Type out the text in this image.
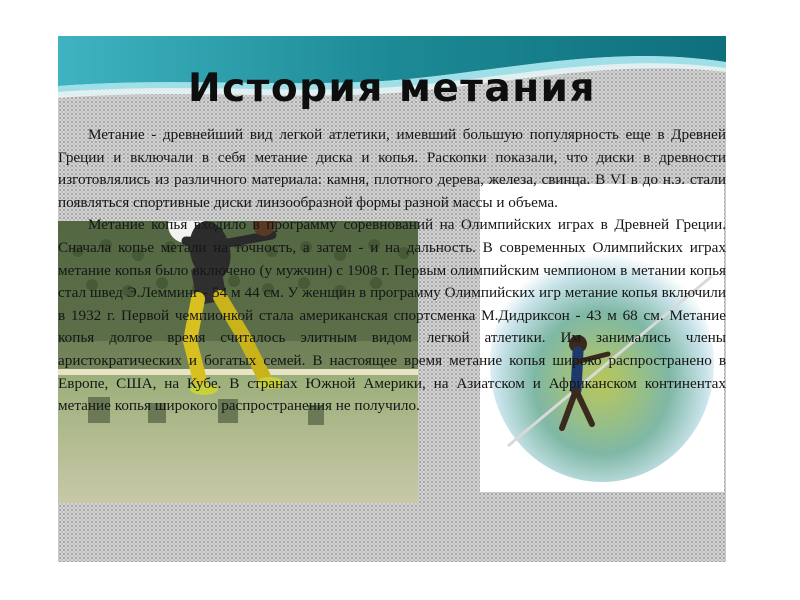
История метания

Метание - древнейший вид легкой атлетики, имевший большую популярность еще в Древней Греции и включали в себя метание диска и копья. Раскопки показали, что диски в древности изготовлялись из различного материала: камня, плотного дерева, железа, свинца. В VI в до н.э. стали появляться спортивные диски линзообразной формы разной массы и объема.

Метание копья входило в программу соревнований на Олимпийских играх в Древней Греции. Сначала копье метали на точность, а затем - и на дальность. В современных Олимпийских играх метание копья было включено (у мужчин) с 1908 г. Первым олимпийским чемпионом в метании копья стал швед Э.Лемминг - 54 м 44 см. У женщин в программу Олимпийских игр метание копья включили в 1932 г. Первой чемпионкой стала американская спортсменка М.Дидриксон - 43 м 68 см. Метание копья долгое время считалось элитным видом легкой атлетики. Им занимались члены аристократических и богатых семей. В настоящее время метание копья широко распространено в Европе, США, на Кубе. В странах Южной Америки, на Азиатском и Африканском континентах метание копья широкого распространения не получило.
